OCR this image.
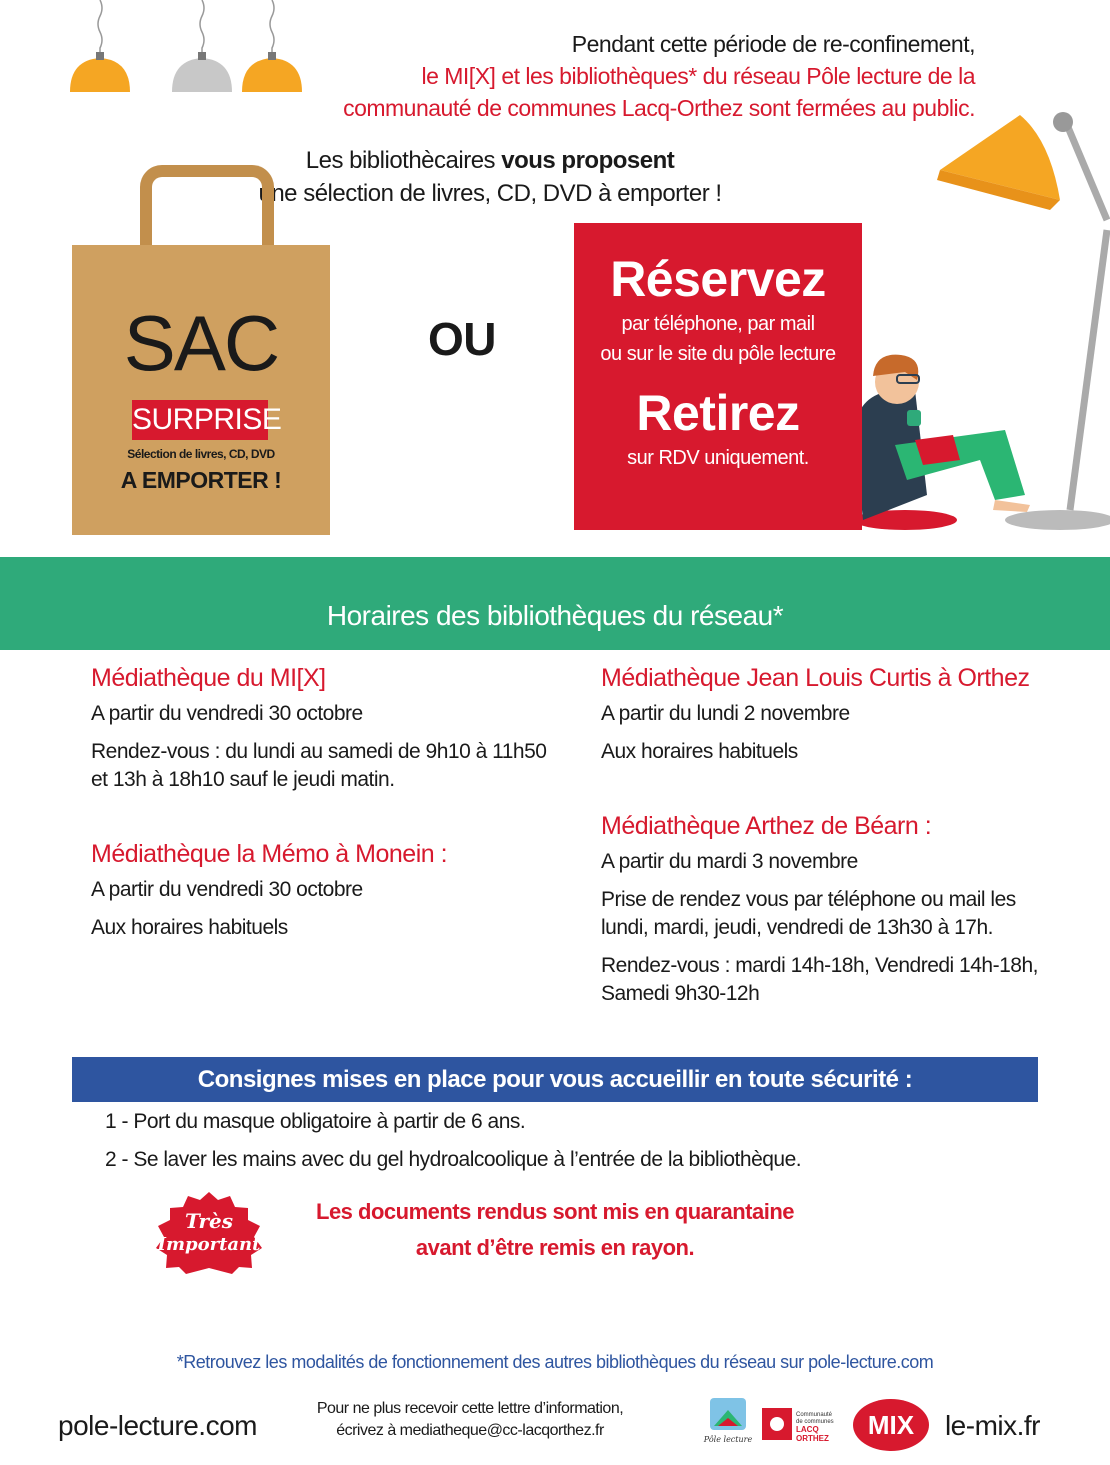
Pendant cette période de re-confinement,
le MI[X] et les bibliothèques* du réseau Pôle lecture de la
communauté de communes Lacq-Orthez sont fermées au public.
Les bibliothècaires vous proposent
une sélection de livres, CD, DVD à emporter !
SAC
SURPRISE
Sélection de livres, CD, DVD
A EMPORTER !
OU
Réservez
par téléphone, par mail
ou sur le site du pôle lecture
Retirez
sur RDV uniquement.
Horaires des bibliothèques du réseau*
Médiathèque du MI[X]
A partir du vendredi 30 octobre
Rendez-vous : du lundi au samedi de 9h10 à 11h50
et 13h à 18h10 sauf le jeudi matin.
Médiathèque la Mémo à Monein :
A partir du vendredi 30 octobre
Aux horaires habituels
Médiathèque Jean Louis Curtis à Orthez
A partir du lundi 2 novembre
Aux horaires habituels
Médiathèque Arthez de Béarn :
A partir du mardi 3 novembre
Prise de rendez vous par téléphone ou mail les
lundi, mardi, jeudi, vendredi de 13h30 à 17h.
Rendez-vous : mardi 14h-18h, Vendredi 14h-18h,
Samedi 9h30-12h
Consignes mises en place pour vous accueillir en toute sécurité :
1 - Port du masque obligatoire à partir de 6 ans.
2 - Se laver les mains avec du gel hydroalcoolique à l’entrée de la bibliothèque.
Très
Important
Les documents rendus sont mis en quarantaine
avant d’être remis en rayon.
*Retrouvez les modalités de fonctionnement des autres bibliothèques du réseau sur pole-lecture.com
pole-lecture.com
Pour ne plus recevoir cette lettre d’information,
écrivez à mediatheque@cc-lacqorthez.fr
Pôle lecture
Communauté
de communes
LACQ
ORTHEZ MIX le-mix.fr
